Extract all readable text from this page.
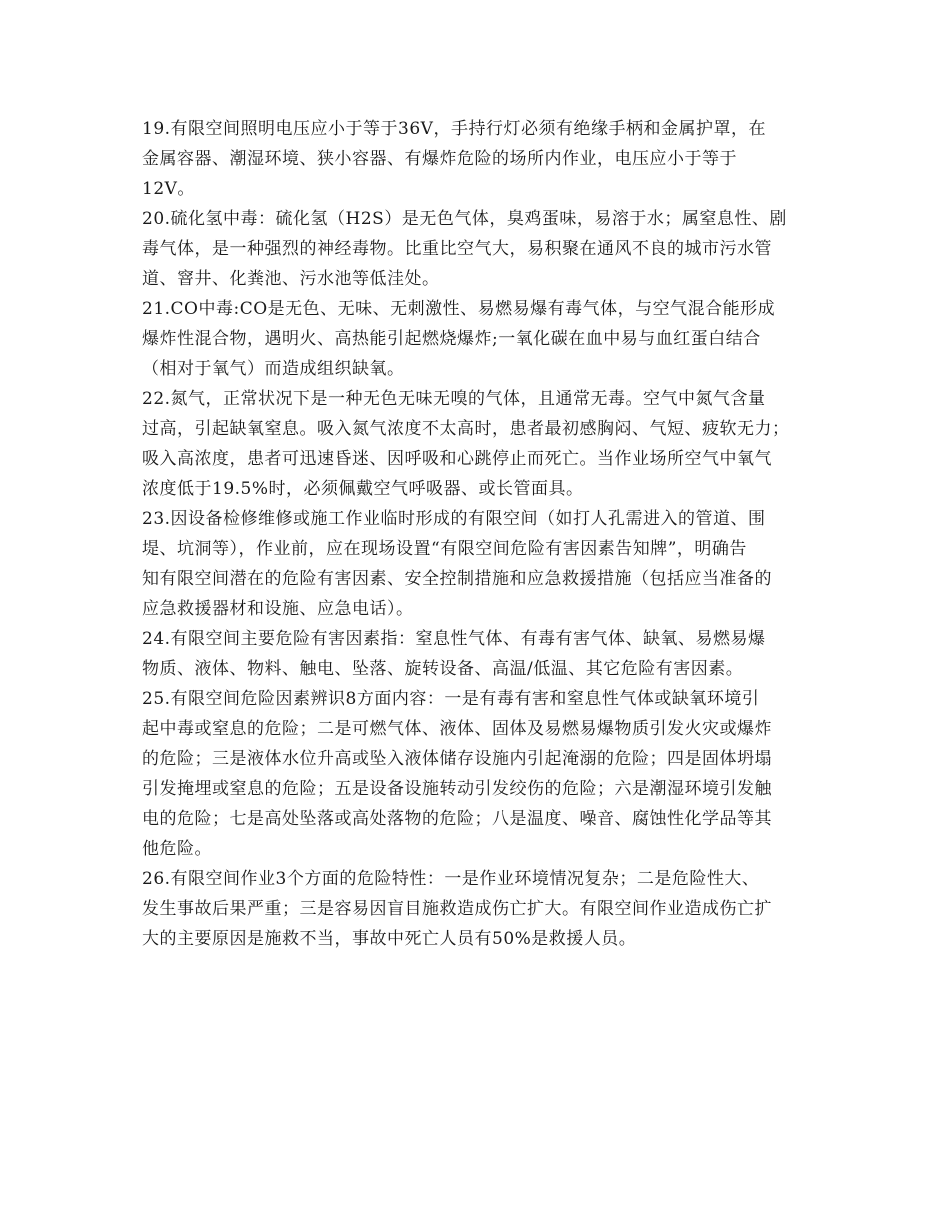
19.有限空间照明电压应小于等于36V，手持行灯必须有绝缘手柄和金属护罩，在
金属容器、潮湿环境、狭小容器、有爆炸危险的场所内作业，电压应小于等于
12V。
20.硫化氢中毒：硫化氢（H2S）是无色气体，臭鸡蛋味，易溶于水；属窒息性、剧
毒气体，是一种强烈的神经毒物。比重比空气大，易积聚在通风不良的城市污水管
道、窨井、化粪池、污水池等低洼处。
21.CO中毒:CO是无色、无味、无刺激性、易燃易爆有毒气体，与空气混合能形成
爆炸性混合物，遇明火、高热能引起燃烧爆炸;一氧化碳在血中易与血红蛋白结合
（相对于氧气）而造成组织缺氧。
22.氮气，正常状况下是一种无色无味无嗅的气体，且通常无毒。空气中氮气含量
过高，引起缺氧窒息。吸入氮气浓度不太高时，患者最初感胸闷、气短、疲软无力；
吸入高浓度，患者可迅速昏迷、因呼吸和心跳停止而死亡。当作业场所空气中氧气
浓度低于19.5%时，必须佩戴空气呼吸器、或长管面具。
23.因设备检修维修或施工作业临时形成的有限空间（如打人孔需进入的管道、围
堤、坑洞等），作业前，应在现场设置“有限空间危险有害因素告知牌”，明确告
知有限空间潜在的危险有害因素、安全控制措施和应急救援措施（包括应当准备的
应急救援器材和设施、应急电话）。
24.有限空间主要危险有害因素指：窒息性气体、有毒有害气体、缺氧、易燃易爆
物质、液体、物料、触电、坠落、旋转设备、高温/低温、其它危险有害因素。
25.有限空间危险因素辨识8方面内容：一是有毒有害和窒息性气体或缺氧环境引
起中毒或窒息的危险；二是可燃气体、液体、固体及易燃易爆物质引发火灾或爆炸
的危险；三是液体水位升高或坠入液体储存设施内引起淹溺的危险；四是固体坍塌
引发掩埋或窒息的危险；五是设备设施转动引发绞伤的危险；六是潮湿环境引发触
电的危险；七是高处坠落或高处落物的危险；八是温度、噪音、腐蚀性化学品等其
他危险。
26.有限空间作业3个方面的危险特性：一是作业环境情况复杂；二是危险性大、
发生事故后果严重；三是容易因盲目施救造成伤亡扩大。有限空间作业造成伤亡扩
大的主要原因是施救不当，事故中死亡人员有50%是救援人员。
